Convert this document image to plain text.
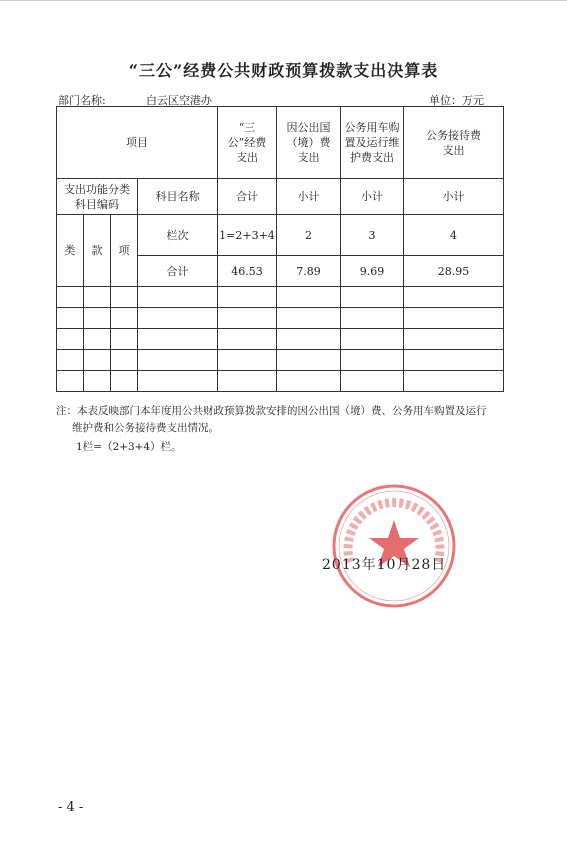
“三公”经费公共财政预算拨款支出决算表
部门名称:	白云区空港办	单位：万元
项目				“三公”经费支出	因公出国（境）费支出	公务用车购置及运行维护费支出	公务接待费　　支出
支出功能分类科目编码			科目名称	合计	小计	小计	小计
类	款	项	栏次	1=2+3+4	2	3	4
			合计	46.53	7.89	9.69	28.95

注：本表反映部门本年度用公共财政预算拨款安排的因公出国（境）费、公务用车购置及运行
维护费和公务接待费支出情况。
1栏=（2+3+4）栏。
2013年10月28日
- 4 -
